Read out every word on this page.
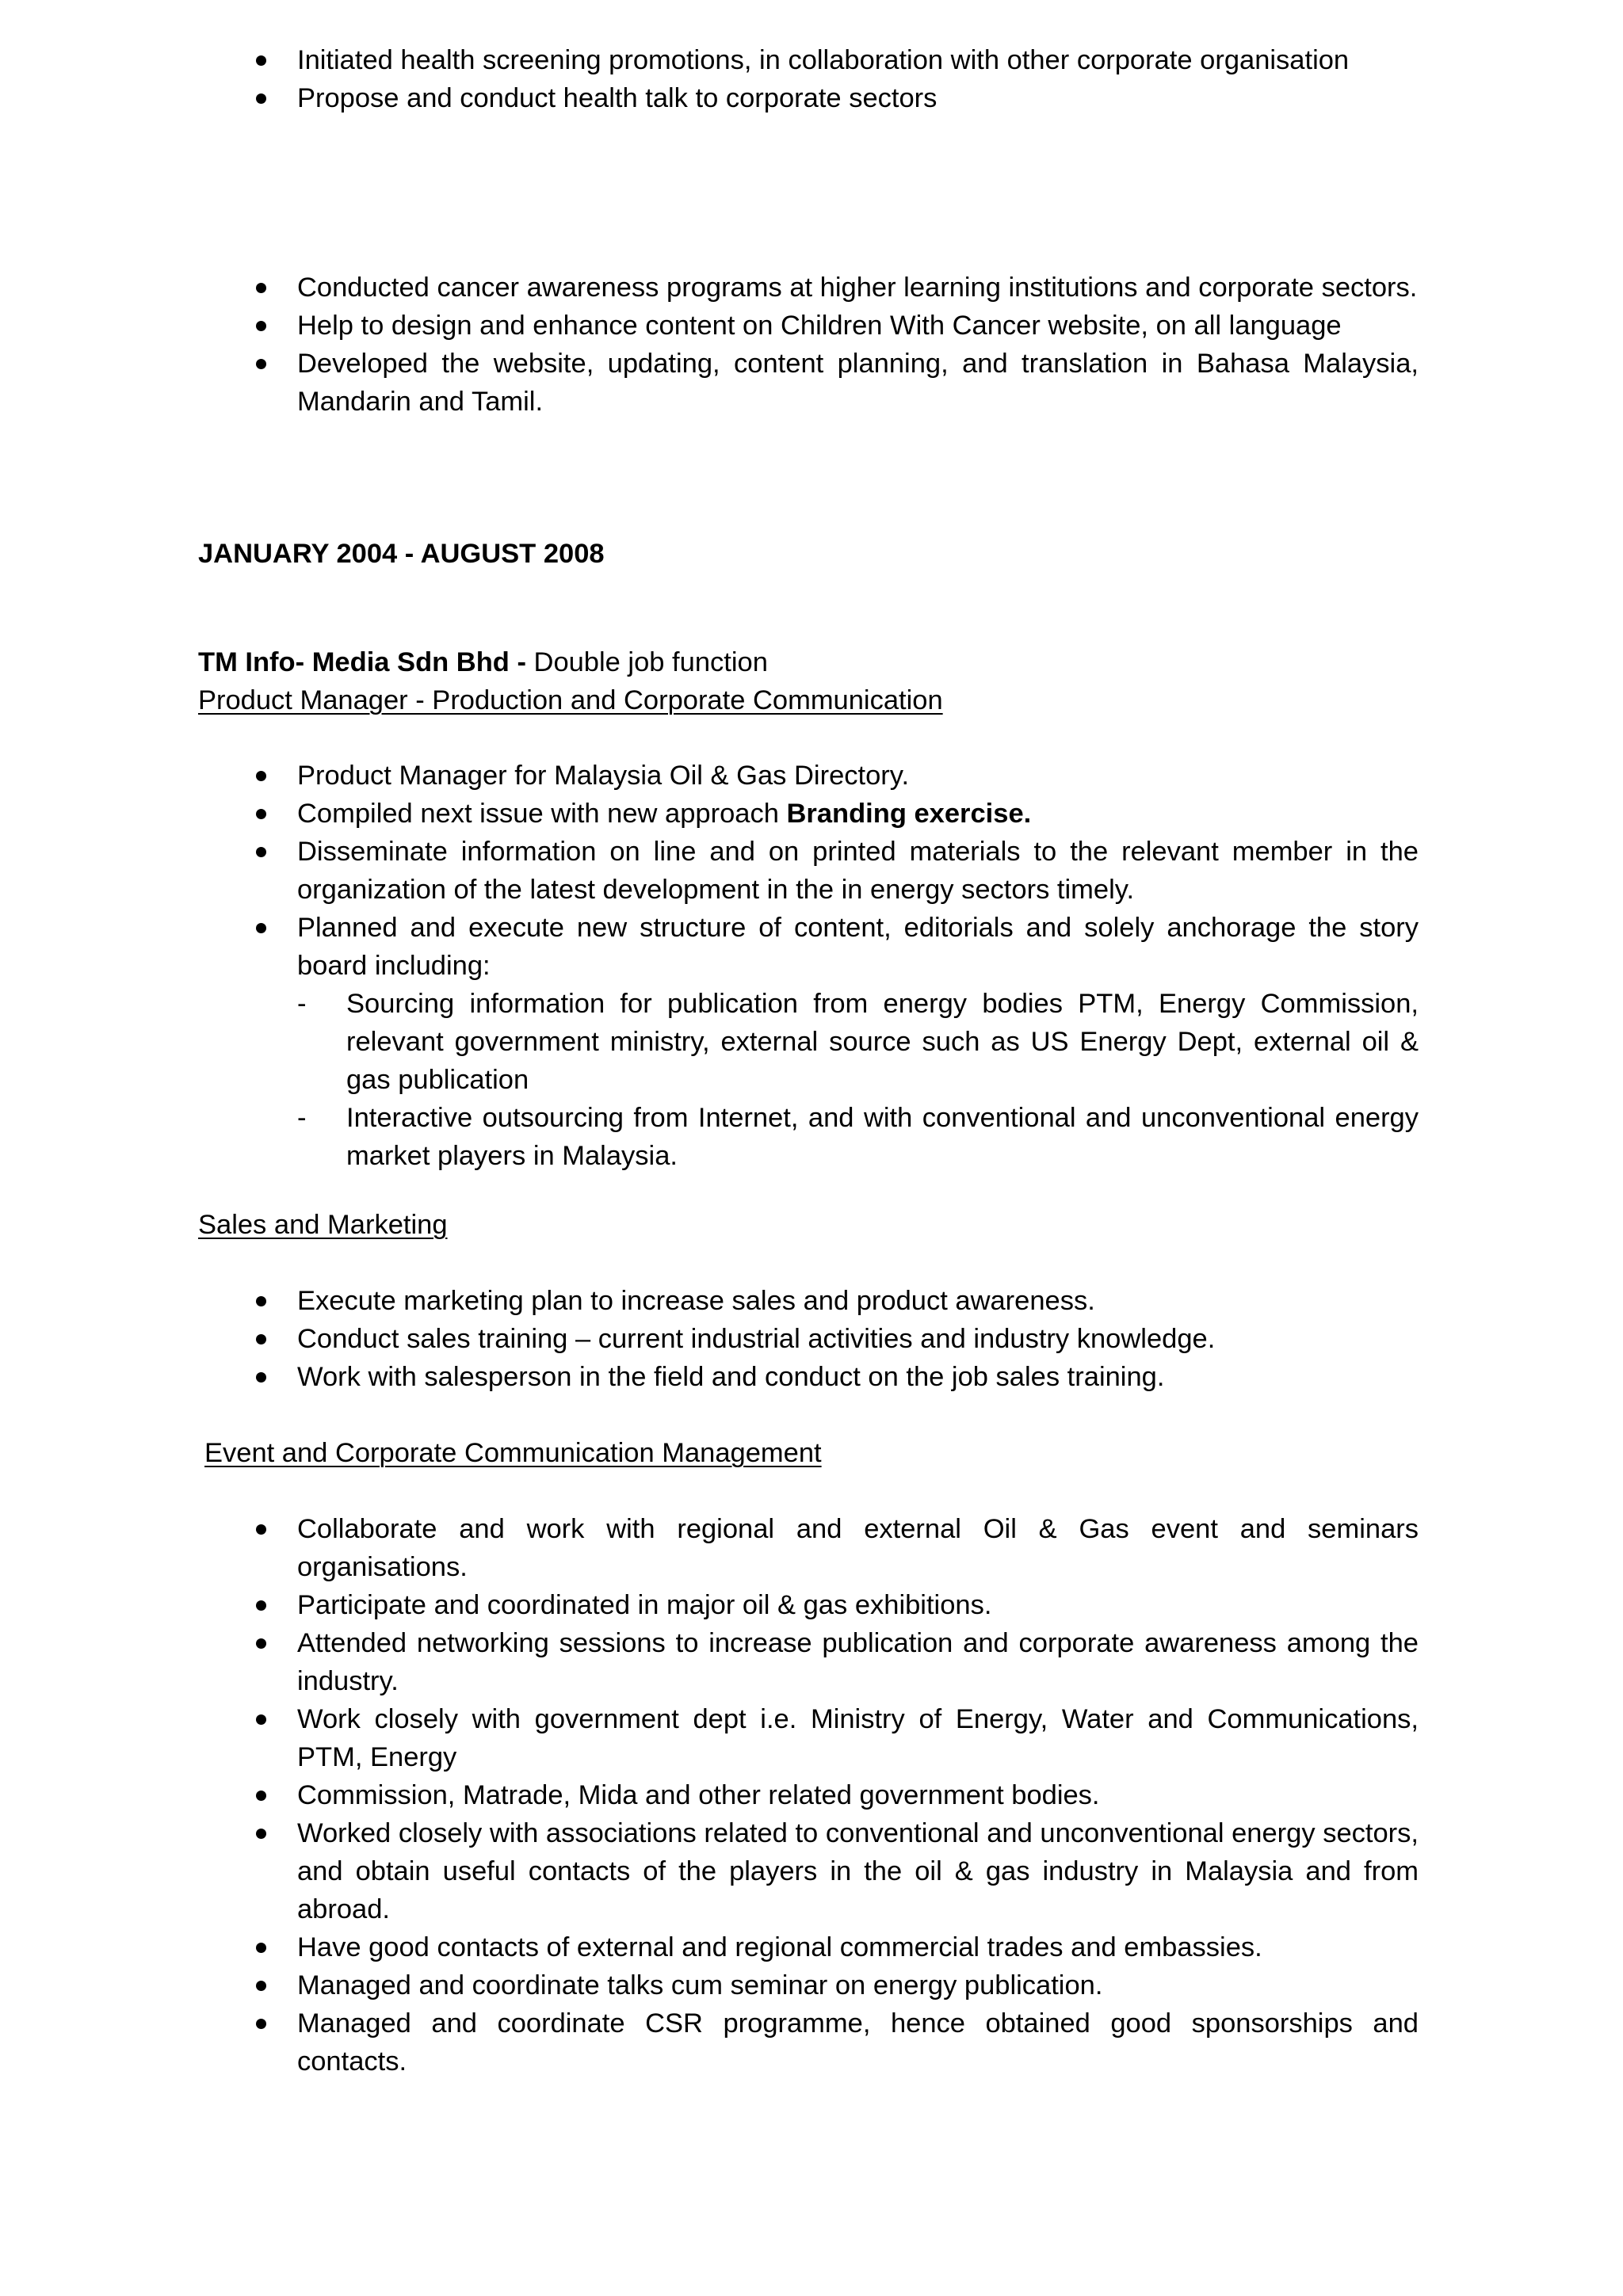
Initiated health screening promotions, in collaboration with other corporate organisation
Propose and conduct health talk to corporate sectors
Conducted cancer awareness programs at higher learning institutions and corporate sectors.
Help to design and enhance content on Children With Cancer website, on all language
Developed the website, updating, content planning, and translation in Bahasa Malaysia, Mandarin and Tamil.
JANUARY 2004 - AUGUST 2008
TM Info- Media Sdn Bhd - Double job function
Product Manager - Production and Corporate Communication
Product Manager for Malaysia Oil & Gas Directory.
Compiled next issue with new approach Branding exercise.
Disseminate information on line and on printed materials to the relevant member in the organization of the latest development in the in energy sectors timely.
Planned and execute new structure of content, editorials and solely anchorage the story board including:
- Sourcing information for publication from energy bodies PTM, Energy Commission, relevant government ministry, external source such as US Energy Dept, external oil & gas publication
- Interactive outsourcing from Internet, and with conventional and unconventional energy market players in Malaysia.
Sales and Marketing
Execute marketing plan to increase sales and product awareness.
Conduct sales training – current industrial activities and industry knowledge.
Work with salesperson in the field and conduct on the job sales training.
Event and Corporate Communication Management
Collaborate and work with regional and external Oil & Gas event and seminars organisations.
Participate and coordinated in major oil & gas exhibitions.
Attended networking sessions to increase publication and corporate awareness among the industry.
Work closely with government dept i.e. Ministry of Energy, Water and Communications, PTM, Energy
Commission, Matrade, Mida and other related government bodies.
Worked closely with associations related to conventional and unconventional energy sectors, and obtain useful contacts of the players in the oil & gas industry in Malaysia and from abroad.
Have good contacts of external and regional commercial trades and embassies.
Managed and coordinate talks cum seminar on energy publication.
Managed and coordinate CSR programme, hence obtained good sponsorships and contacts.
